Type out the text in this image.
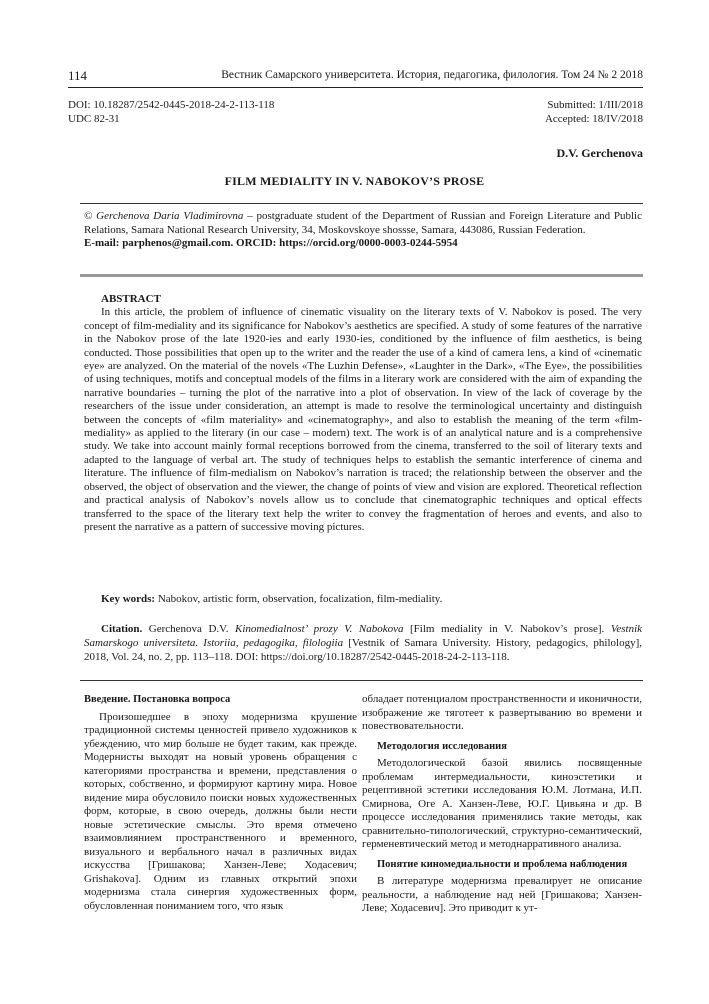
114	Вестник Самарского университета. История, педагогика, филология. Том 24 № 2 2018
DOI: 10.18287/2542-0445-2018-24-2-113-118
UDC 82-31
Submitted: 1/III/2018
Accepted: 18/IV/2018
D.V. Gerchenova
FILM MEDIALITY IN V. NABOKOV’S PROSE

© Gerchenova Daria Vladimirovna – postgraduate student of the Department of Russian and Foreign Literature and Public Relations, Samara National Research University, 34, Moskovskoye shossse, Samara, 443086, Russian Federation.

E-mail: parphenos@gmail.com. ORCID: https://orcid.org/0000-0003-0244-5954

ABSTRACT

In this article, the problem of influence of cinematic visuality on the literary texts of V. Nabokov is posed. The very concept of film-mediality and its significance for Nabokov’s aesthetics are specified. A study of some features of the narrative in the Nabokov prose of the late 1920-ies and early 1930-ies, conditioned by the influence of film aesthetics, is being conducted. Those possibilities that open up to the writer and the reader the use of a kind of camera lens, a kind of «cinematic eye» are analyzed. On the material of the novels «The Luzhin Defense», «Laughter in the Dark», «The Eye», the possibilities of using techniques, motifs and conceptual models of the films in a literary work are considered with the aim of expanding the narrative boundaries – turning the plot of the narrative into a plot of observation. In view of the lack of coverage by the researchers of the issue under consideration, an attempt is made to resolve the terminological uncertainty and distinguish between the concepts of «film materiality» and «cinematography», and also to establish the meaning of the term «film-mediality» as applied to the literary (in our case – modern) text. The work is of an analytical nature and is a comprehensive study. We take into account mainly formal receptions borrowed from the cinema, transferred to the soil of literary texts and adapted to the language of verbal art. The study of techniques helps to establish the semantic interference of cinema and literature. The influence of film-medialism on Nabokov’s narration is traced; the relationship between the observer and the observed, the object of observation and the viewer, the change of points of view and vision are explored. Theoretical reflection and practical analysis of Nabokov’s novels allow us to conclude that cinematographic techniques and optical effects transferred to the space of the literary text help the writer to convey the fragmentation of heroes and events, and also to present the narrative as a pattern of successive moving pictures.

Key words: Nabokov, artistic form, observation, focalization, film-mediality.
Citation. Gerchenova D.V. Kinomedialnost’ prozy V. Nabokova [Film mediality in V. Nabokov’s prose]. Vestnik Samarskogo universiteta. Istoriia, pedagogika, filologiia [Vestnik of Samara University. History, pedagogics, philology], 2018, Vol. 24, no. 2, pp. 113–118. DOI: https://doi.org/10.18287/2542-0445-2018-24-2-113-118.
Введение. Постановка вопроса

Произошедшее в эпоху модернизма крушение традиционной системы ценностей привело художников к убеждению, что мир больше не будет таким, как прежде. Модернисты выходят на новый уровень обращения с категориями пространства и времени, представления о которых, собственно, и формируют картину мира. Новое видение мира обусловило поиски новых художественных форм, которые, в свою очередь, должны были нести новые эстетические смыслы. Это время отмечено взаимовлиянием пространственного и временного, визуального и вербального начал в различных видах искусства [Гришакова; Ханзен-Леве; Ходасевич; Grishakova]. Одним из главных открытий эпохи модернизма стала синергия художественных форм, обусловленная пониманием того, что язык

обладает потенциалом пространственности и иконичности, изображение же тяготеет к развертыванию во времени и повествовательности.

Методология исследования

Методологической базой явились посвященные проблемам интермедиальности, киноэстетики и рецептивной эстетики исследования Ю.М. Лотмана, И.П. Смирнова, Оге А. Ханзен-Леве, Ю.Г. Цивьяна и др. В процессе исследования применялись такие методы, как сравнительно-типологический, структурно-семантический, герменевтический метод и методнарративного анализа.

Понятие киномедиальности и проблема наблюдения

В литературе модернизма превалирует не описание реальности, а наблюдение над ней [Гришакова; Ханзен-Леве; Ходасевич]. Это приводит к ут-
